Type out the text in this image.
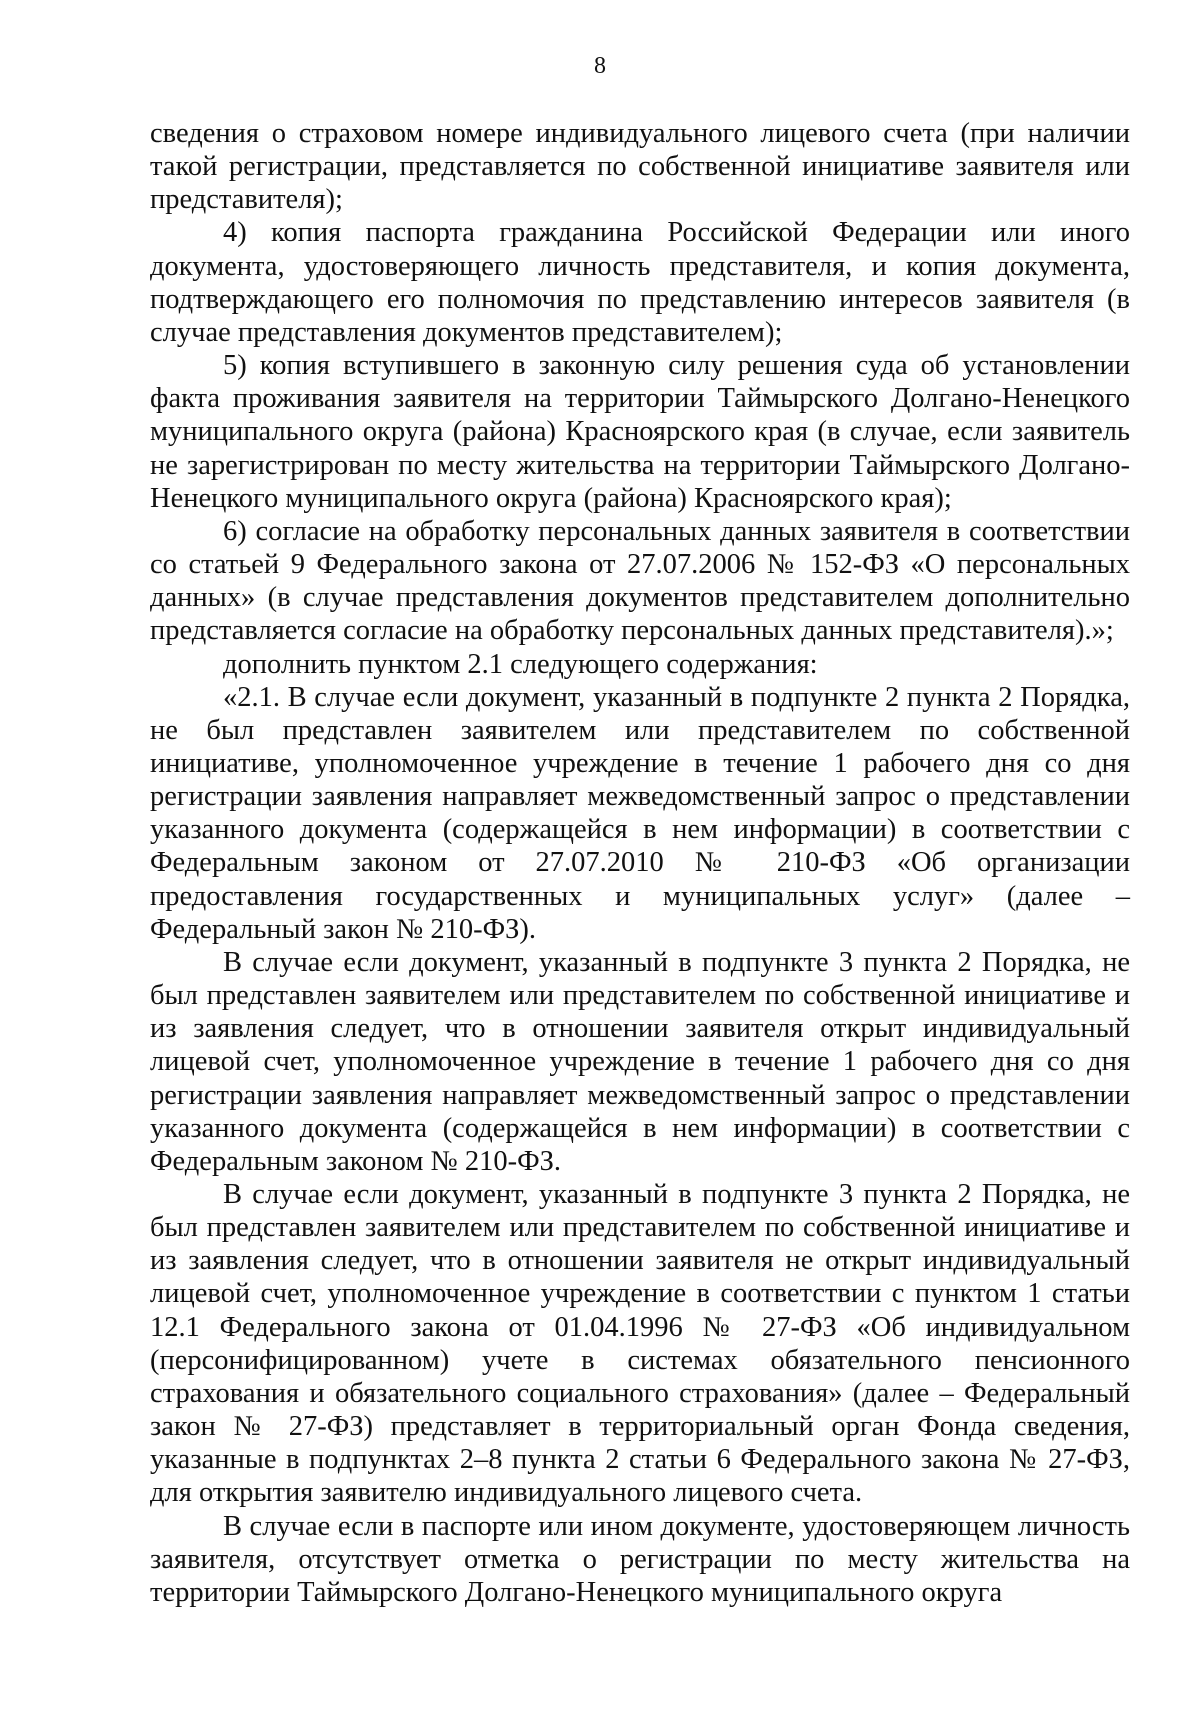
8

сведения о страховом номере индивидуального лицевого счета (при наличии такой регистрации, представляется по собственной инициативе заявителя или представителя);

4) копия паспорта гражданина Российской Федерации или иного документа, удостоверяющего личность представителя, и копия документа, подтверждающего его полномочия по представлению интересов заявителя (в случае представления документов представителем);

5) копия вступившего в законную силу решения суда об установлении факта проживания заявителя на территории Таймырского Долгано-Ненецкого муниципального округа (района) Красноярского края (в случае, если заявитель не зарегистрирован по месту жительства на территории Таймырского Долгано-Ненецкого муниципального округа (района) Красноярского края);

6) согласие на обработку персональных данных заявителя в соответствии со статьей 9 Федерального закона от 27.07.2006 № 152-ФЗ «О персональных данных» (в случае представления документов представителем дополнительно представляется согласие на обработку персональных данных представителя).»;

дополнить пунктом 2.1 следующего содержания:

«2.1. В случае если документ, указанный в подпункте 2 пункта 2 Порядка, не был представлен заявителем или представителем по собственной инициативе, уполномоченное учреждение в течение 1 рабочего дня со дня регистрации заявления направляет межведомственный запрос о представлении указанного документа (содержащейся в нем информации) в соответствии с Федеральным законом от 27.07.2010 № 210-ФЗ «Об организации предоставления государственных и муниципальных услуг» (далее – Федеральный закон № 210-ФЗ).

В случае если документ, указанный в подпункте 3 пункта 2 Порядка, не был представлен заявителем или представителем по собственной инициативе и из заявления следует, что в отношении заявителя открыт индивидуальный лицевой счет, уполномоченное учреждение в течение 1 рабочего дня со дня регистрации заявления направляет межведомственный запрос о представлении указанного документа (содержащейся в нем информации) в соответствии с Федеральным законом № 210-ФЗ.

В случае если документ, указанный в подпункте 3 пункта 2 Порядка, не был представлен заявителем или представителем по собственной инициативе и из заявления следует, что в отношении заявителя не открыт индивидуальный лицевой счет, уполномоченное учреждение в соответствии с пунктом 1 статьи 12.1 Федерального закона от 01.04.1996 № 27-ФЗ «Об индивидуальном (персонифицированном) учете в системах обязательного пенсионного страхования и обязательного социального страхования» (далее – Федеральный закон № 27-ФЗ) представляет в территориальный орган Фонда сведения, указанные в подпунктах 2–8 пункта 2 статьи 6 Федерального закона № 27-ФЗ, для открытия заявителю индивидуального лицевого счета.

В случае если в паспорте или ином документе, удостоверяющем личность заявителя, отсутствует отметка о регистрации по месту жительства на территории Таймырского Долгано-Ненецкого муниципального округа
